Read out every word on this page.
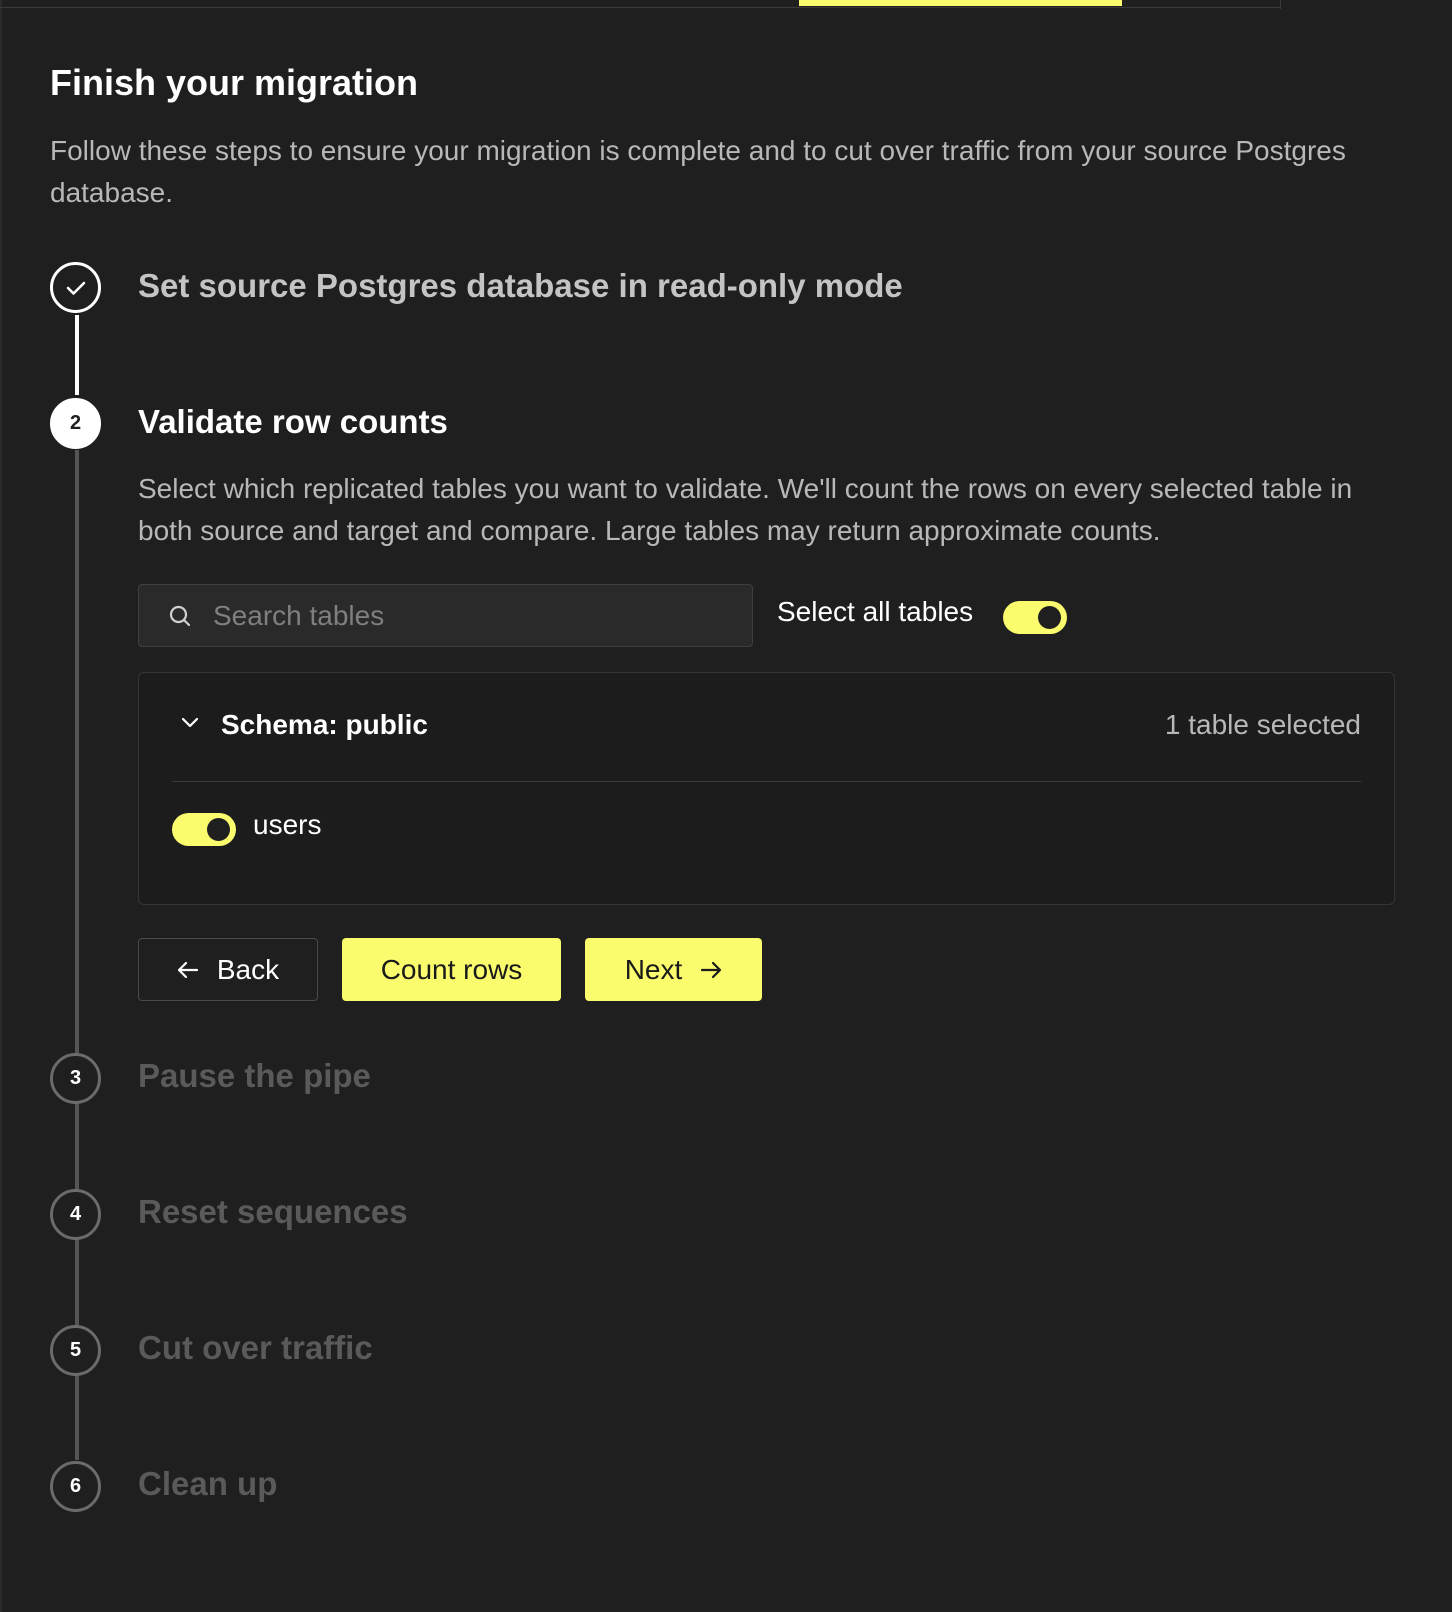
Finish your migration

Follow these steps to ensure your migration is complete and to cut over traffic from your source Postgres database.

Set source Postgres database in read-only mode
2	Validate row counts

Select which replicated tables you want to validate. We'll count the rows on every selected table in both source and target and compare. Large tables may return approximate counts.

Search tables
Select all tables
Schema: public	1 table selected
users
Back	Count rows	Next
3	Pause the pipe
4	Reset sequences
5	Cut over traffic
6	Clean up
